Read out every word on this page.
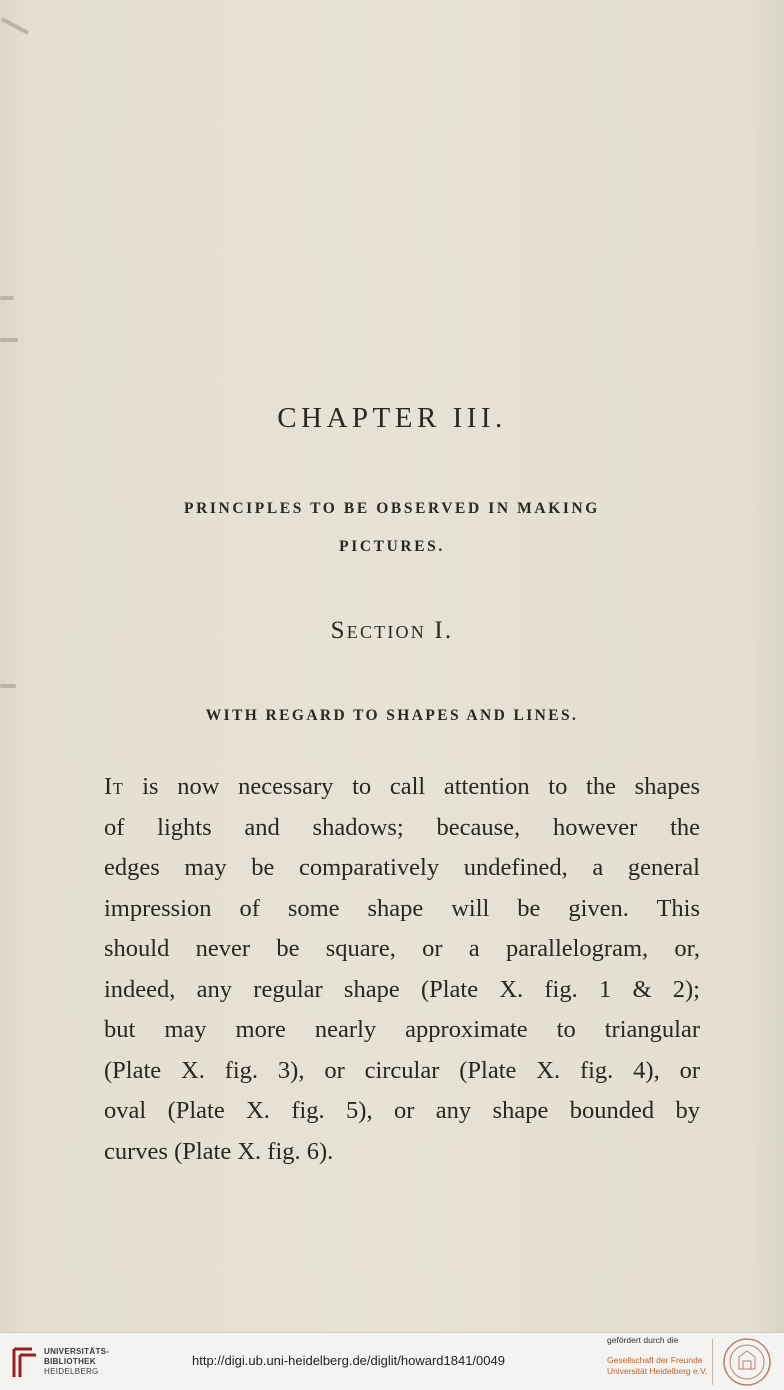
CHAPTER III.
PRINCIPLES TO BE OBSERVED IN MAKING
PICTURES.
Section I.
WITH REGARD TO SHAPES AND LINES.
It is now necessary to call attention to the shapes
of lights and shadows; because, however the
edges may be comparatively undefined, a general
impression of some shape will be given. This
should never be square, or a parallelogram, or,
indeed, any regular shape (Plate X. fig. 1 & 2);
but may more nearly approximate to triangular
(Plate X. fig. 3), or circular (Plate X. fig. 4), or
oval (Plate X. fig. 5), or any shape bounded by
curves (Plate X. fig. 6).
UNIVERSITÄTS-
BIBLIOTHEK
HEIDELBERG
http://digi.ub.uni-heidelberg.de/diglit/howard1841/0049
gefördert durch die
Gesellschaft der Freunde
Universität Heidelberg e.V.
